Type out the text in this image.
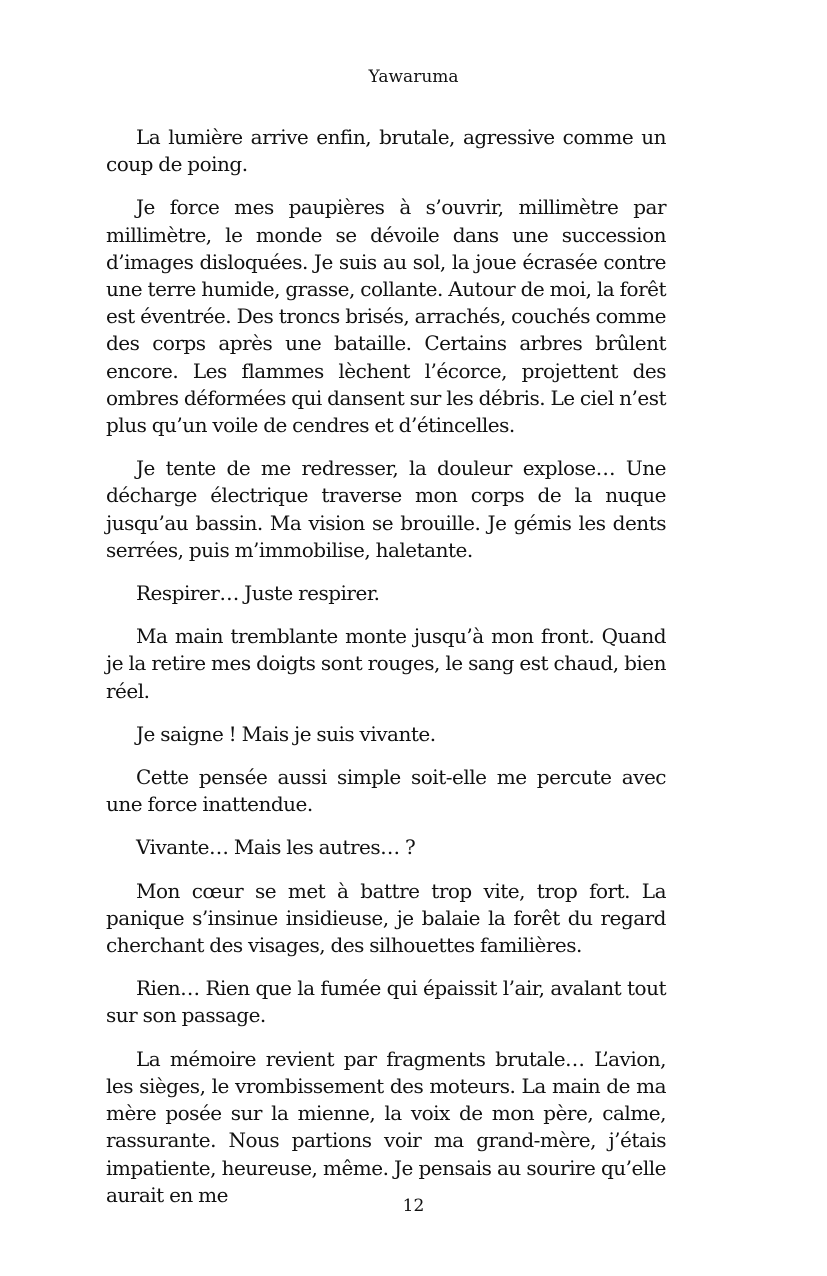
Yawaruma

La lumière arrive enfin, brutale, agressive comme un coup de poing.

Je force mes paupières à s’ouvrir, millimètre par millimètre, le monde se dévoile dans une succession d’images disloquées. Je suis au sol, la joue écrasée contre une terre humide, grasse, collante. Autour de moi, la forêt est éventrée. Des troncs brisés, arrachés, couchés comme des corps après une bataille. Certains arbres brûlent encore. Les flammes lèchent l’écorce, projettent des ombres déformées qui dansent sur les débris. Le ciel n’est plus qu’un voile de cendres et d’étincelles.

Je tente de me redresser, la douleur explose… Une décharge électrique traverse mon corps de la nuque jusqu’au bassin. Ma vision se brouille. Je gémis les dents serrées, puis m’immobilise, haletante.

Respirer… Juste respirer.

Ma main tremblante monte jusqu’à mon front. Quand je la retire mes doigts sont rouges, le sang est chaud, bien réel.

Je saigne ! Mais je suis vivante.

Cette pensée aussi simple soit-elle me percute avec une force inattendue.

Vivante… Mais les autres… ?

Mon cœur se met à battre trop vite, trop fort. La panique s’insinue insidieuse, je balaie la forêt du regard cherchant des visages, des silhouettes familières.

Rien… Rien que la fumée qui épaissit l’air, avalant tout sur son passage.

La mémoire revient par fragments brutale… L’avion, les sièges, le vrombissement des moteurs. La main de ma mère posée sur la mienne, la voix de mon père, calme, rassurante. Nous partions voir ma grand-mère, j’étais impatiente, heureuse, même. Je pensais au sourire qu’elle aurait en me	12
